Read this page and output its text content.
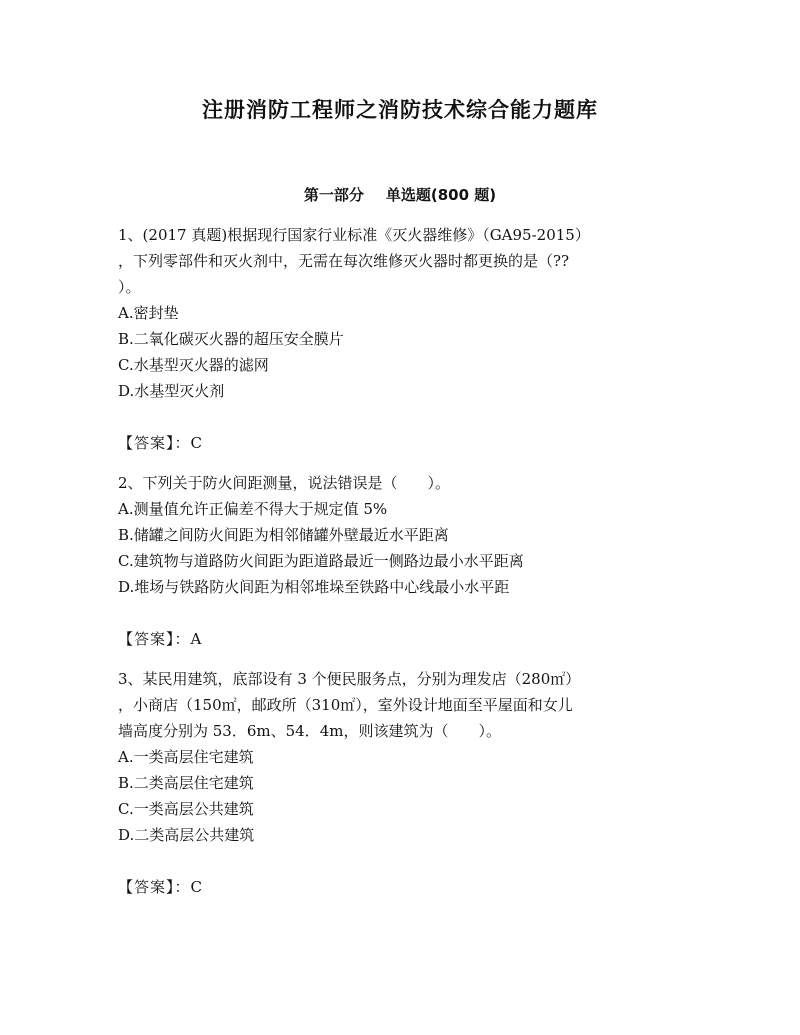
注册消防工程师之消防技术综合能力题库
第一部分 单选题(800 题)
1、(2017 真题)根据现行国家行业标准《灭火器维修》（GA95-2015）
，下列零部件和灭火剂中，无需在每次维修灭火器时都更换的是（??
）。
A.密封垫
B.二氧化碳灭火器的超压安全膜片
C.水基型灭火器的滤网
D.水基型灭火剂
【答案】：C
2、下列关于防火间距测量，说法错误是（　　）。
A.测量值允许正偏差不得大于规定值 5%
B.储罐之间防火间距为相邻储罐外壁最近水平距离
C.建筑物与道路防火间距为距道路最近一侧路边最小水平距离
D.堆场与铁路防火间距为相邻堆垛至铁路中心线最小水平距
【答案】：A
3、某民用建筑，底部设有 3 个便民服务点，分别为理发店（280㎡）
，小商店（150㎡，邮政所（310㎡），室外设计地面至平屋面和女儿
墙高度分别为 53．6m、54．4m，则该建筑为（　　）。
A.一类高层住宅建筑
B.二类高层住宅建筑
C.一类高层公共建筑
D.二类高层公共建筑
【答案】：C
